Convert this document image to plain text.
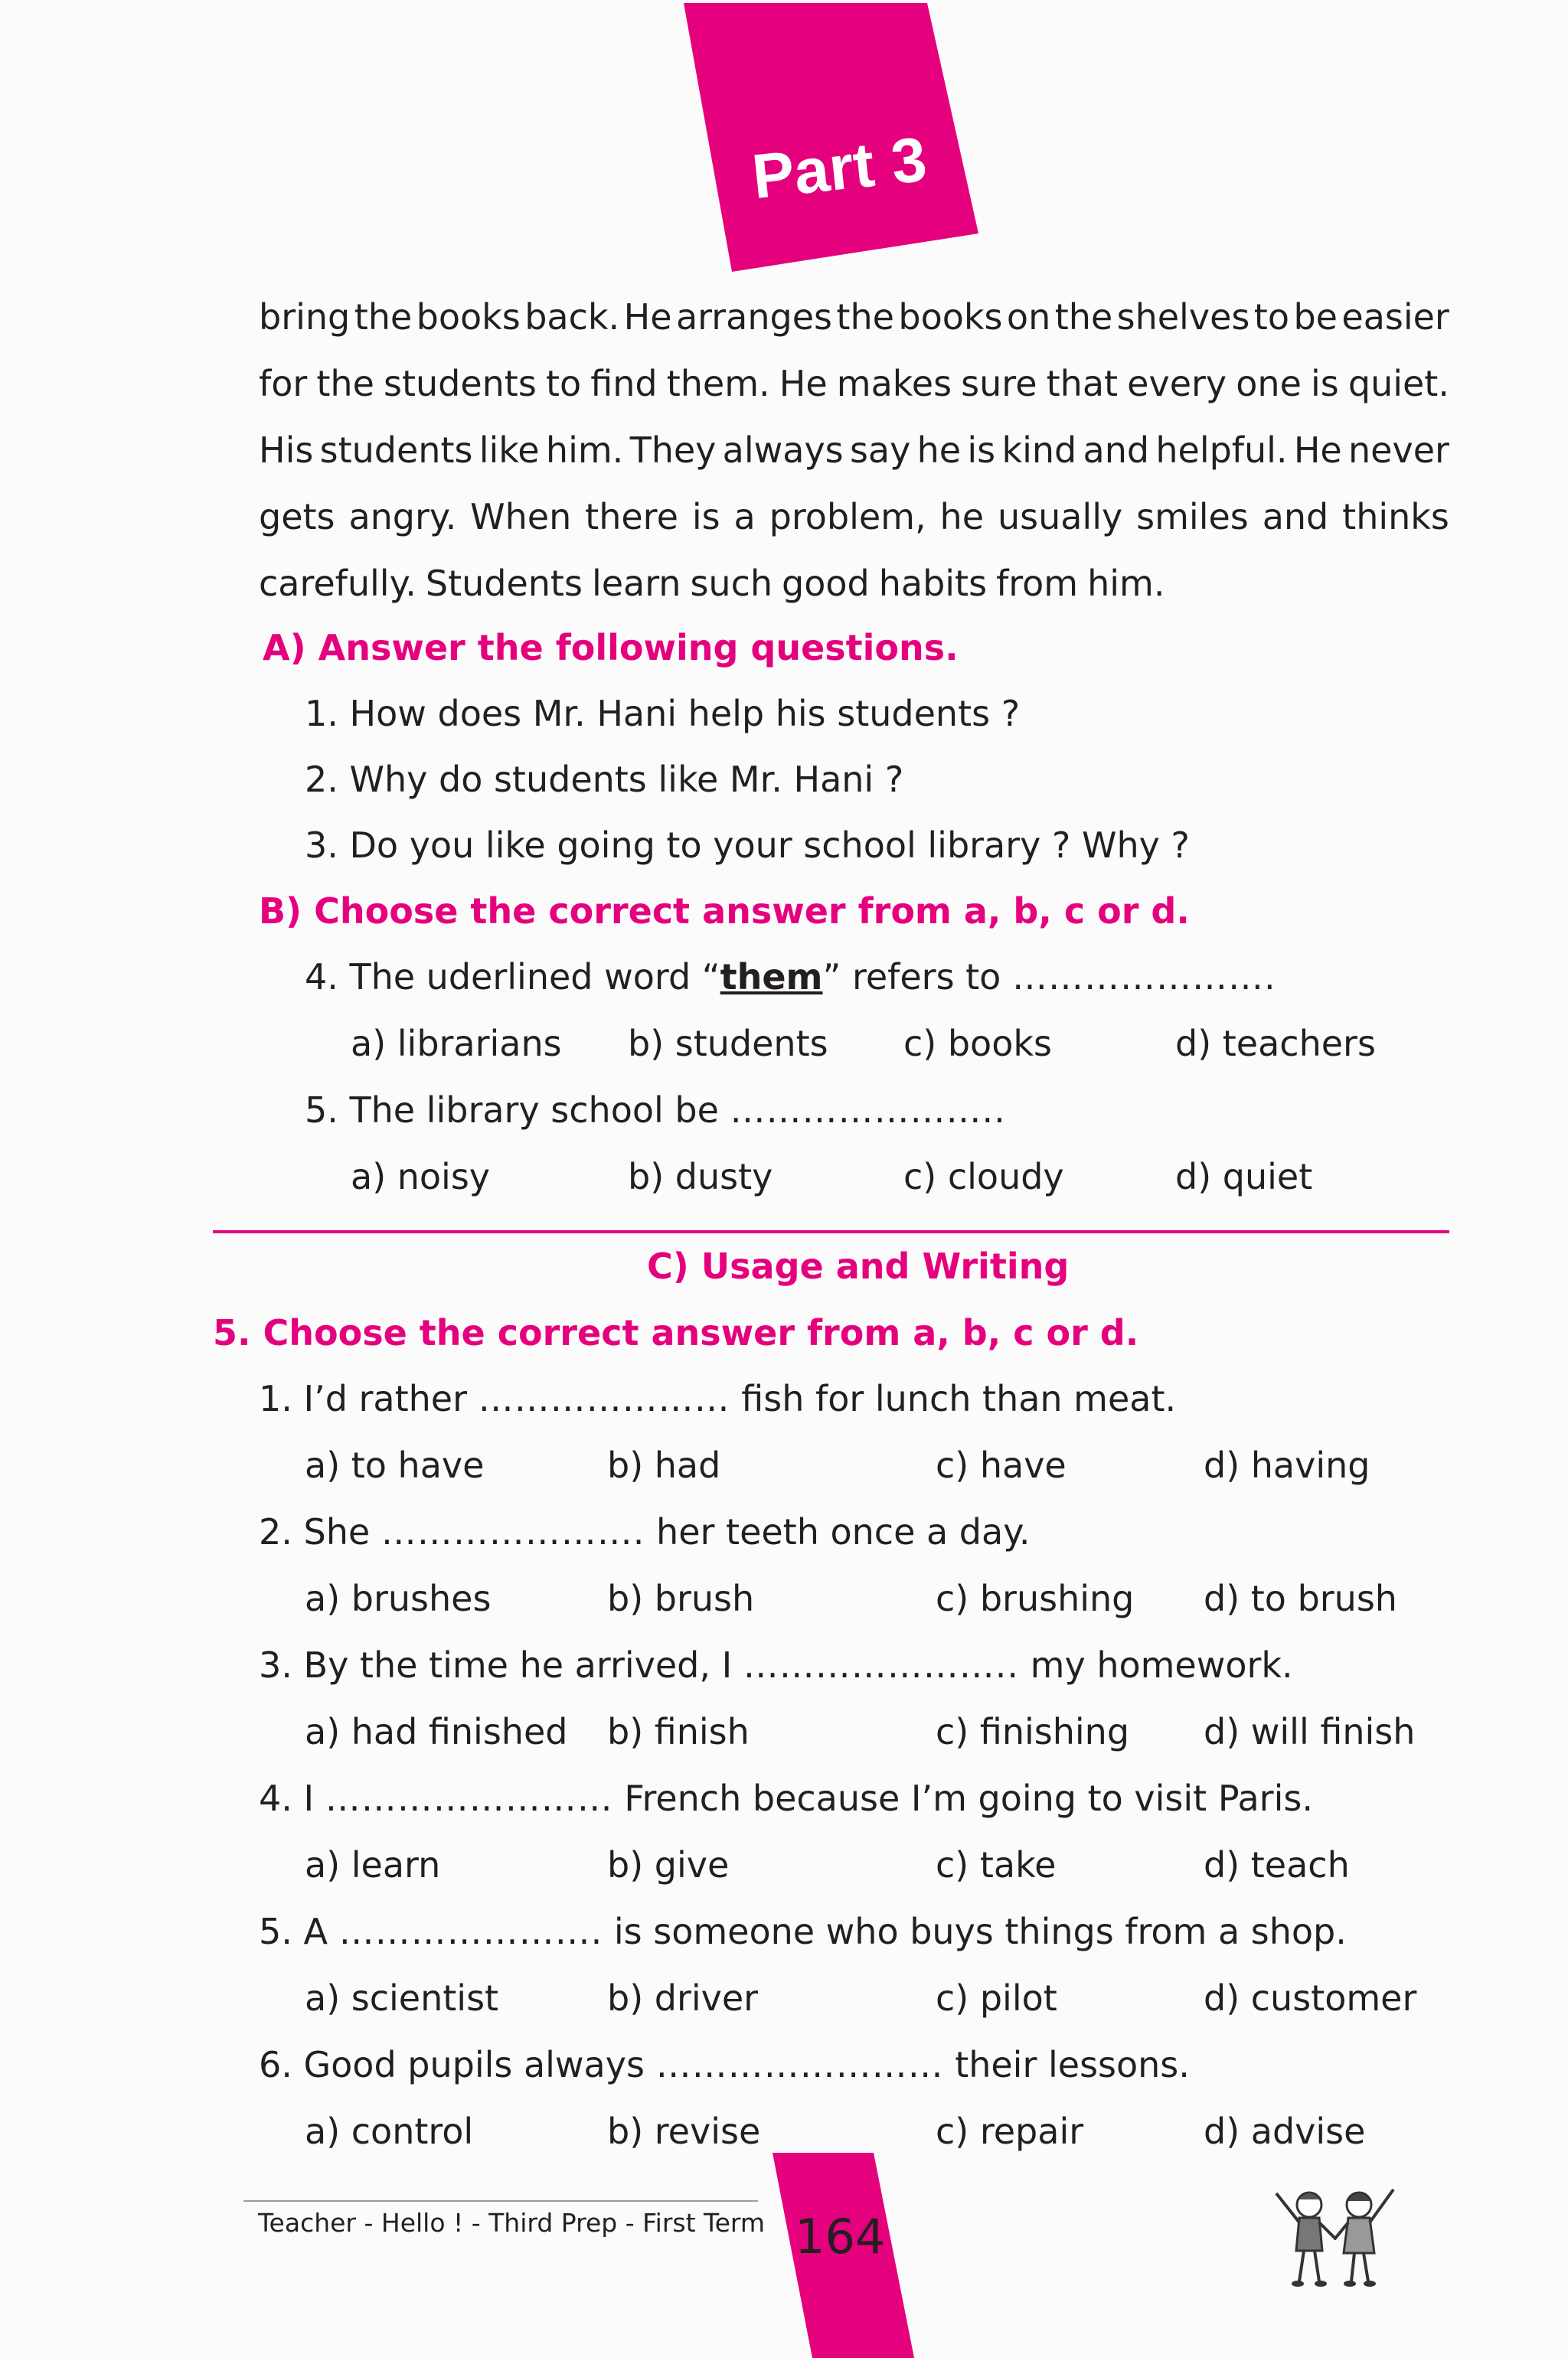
Part 3
bring the books back. He arranges the books on the shelves to be easier
for the students to find them. He makes sure that every one is quiet.
His students like him. They always say he is kind and helpful. He never
gets angry. When there is a problem, he usually smiles and thinks
carefully. Students learn such good habits from him.
A) Answer the following questions.
1. How does Mr. Hani help his students ?
2. Why do students like Mr. Hani ?
3. Do you like going to your school library ? Why ?
B) Choose the correct answer from a, b, c or d.
4. The uderlined word “them” refers to ………………….
a) librarians b) students c) books	d) teachers
5. The library school be …………………..
a) noisy	b) dusty	c) cloudy	d) quiet
C) Usage and Writing
5. Choose the correct answer from a, b, c or d.
1. I’d rather ………………… fish for lunch than meat.
a) to have	b) had	c) have	d) having
2. She …………………. her teeth once a day.
a) brushes	b) brush	c) brushing d) to brush
3. By the time he arrived, I ………………….. my homework.
a) had finished b) finish	c) finishing d) will finish
4. I …………………… French because I’m going to visit Paris.
a) learn	b) give	c) take	d) teach
5. A …………………. is someone who buys things from a shop.
a) scientist	b) driver	c) pilot	d) customer
6. Good pupils always …………………… their lessons.
a) control	b) revise	c) repair	d) advise
Teacher - Hello ! - Third Prep - First Term 164
